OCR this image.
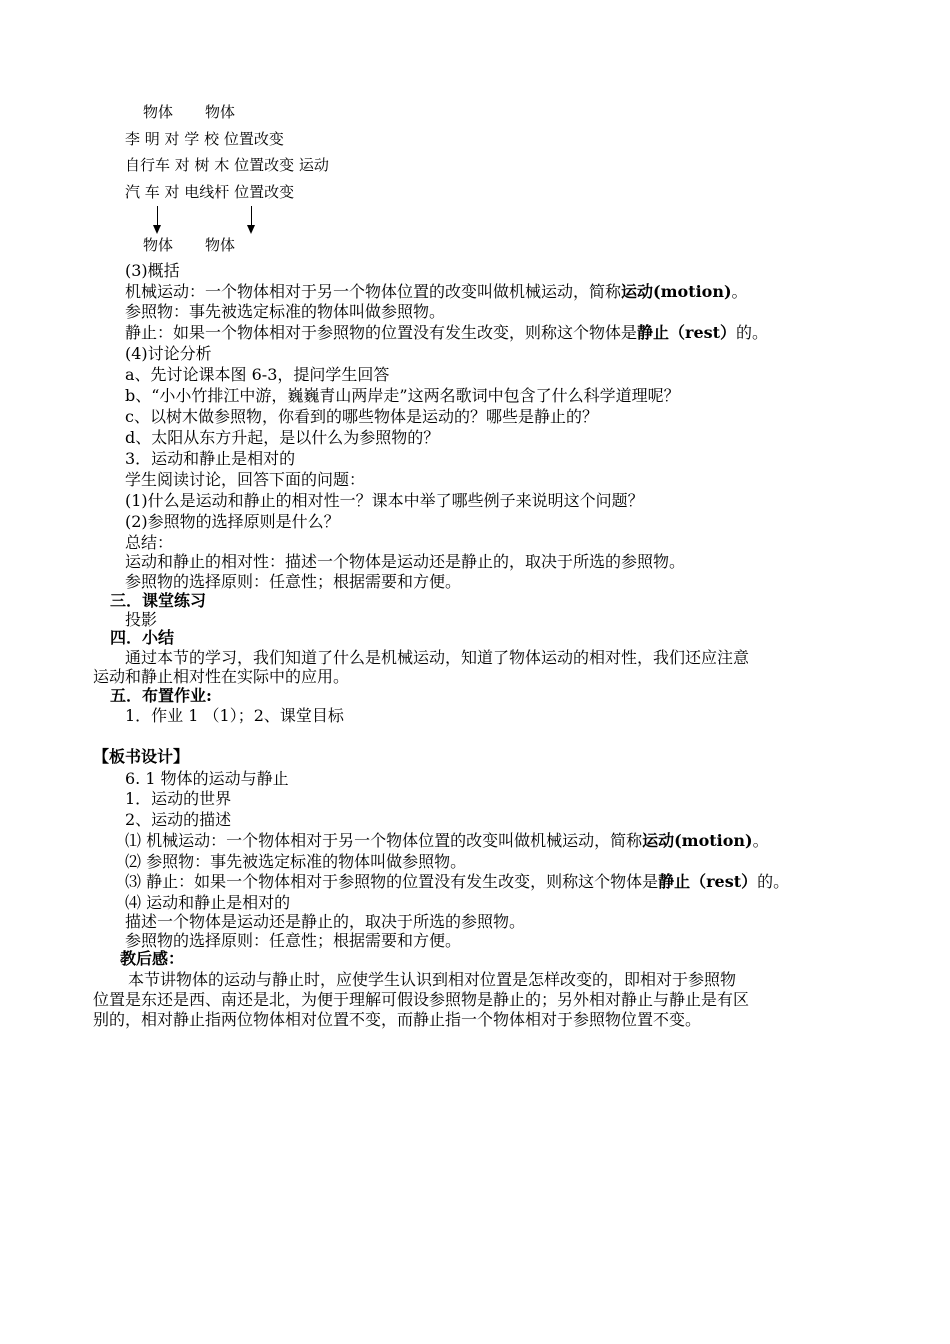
物体 物体
李 明 对 学 校 位置改变
自行车 对 树 木 位置改变 运动
汽 车 对 电线杆 位置改变
物体 物体
(3)概括
机械运动：一个物体相对于另一个物体位置的改变叫做机械运动，简称运动(motion)。
参照物：事先被选定标准的物体叫做参照物。
静止：如果一个物体相对于参照物的位置没有发生改变，则称这个物体是静止（rest）的。
(4)讨论分析
a、先讨论课本图 6-3，提问学生回答
b、“小小竹排江中游，巍巍青山两岸走”这两名歌词中包含了什么科学道理呢？
c、以树木做参照物，你看到的哪些物体是运动的？哪些是静止的？
d、太阳从东方升起，是以什么为参照物的？
3．运动和静止是相对的
学生阅读讨论，回答下面的问题：
(1)什么是运动和静止的相对性一？课本中举了哪些例子来说明这个问题？
(2)参照物的选择原则是什么？
总结：
运动和静止的相对性：描述一个物体是运动还是静止的，取决于所选的参照物。
参照物的选择原则：任意性；根据需要和方便。
三．课堂练习
投影
四．小结
通过本节的学习，我们知道了什么是机械运动，知道了物体运动的相对性，我们还应注意
运动和静止相对性在实际中的应用。
五．布置作业:
1．作业 1 （1）；2、课堂目标
【板书设计】
6. 1 物体的运动与静止
1．运动的世界
2、运动的描述
⑴ 机械运动：一个物体相对于另一个物体位置的改变叫做机械运动，简称运动(motion)。
⑵ 参照物：事先被选定标准的物体叫做参照物。
⑶ 静止：如果一个物体相对于参照物的位置没有发生改变，则称这个物体是静止（rest）的。
⑷ 运动和静止是相对的
描述一个物体是运动还是静止的，取决于所选的参照物。
参照物的选择原则：任意性；根据需要和方便。
教后感：
本节讲物体的运动与静止时，应使学生认识到相对位置是怎样改变的，即相对于参照物
位置是东还是西、南还是北，为便于理解可假设参照物是静止的；另外相对静止与静止是有区
别的，相对静止指两位物体相对位置不变，而静止指一个物体相对于参照物位置不变。
